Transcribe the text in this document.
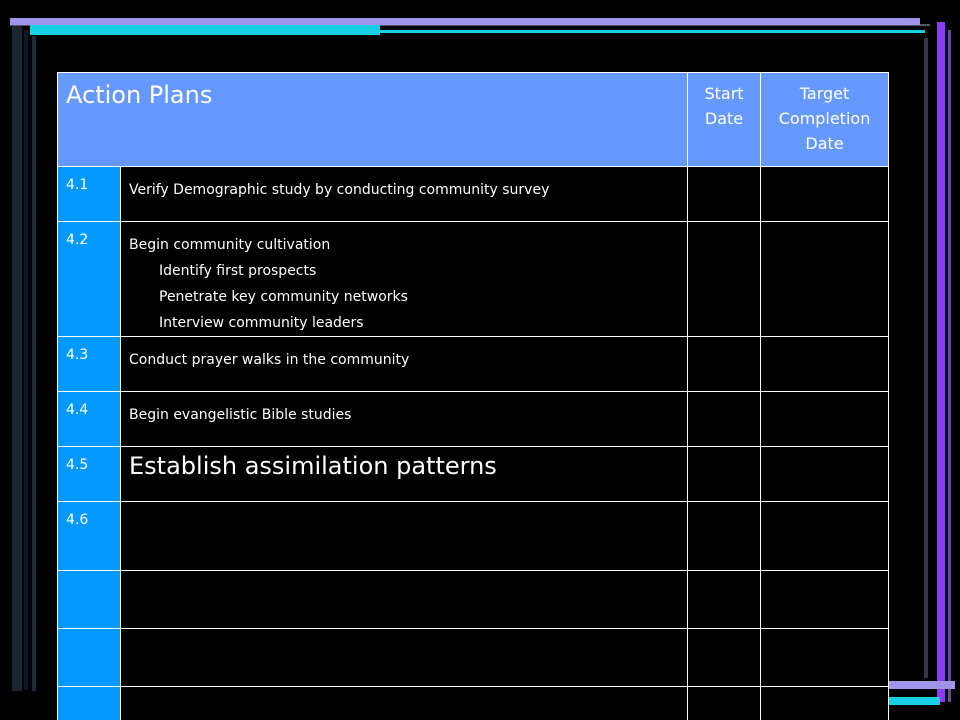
Action Plans		Start Date	Target Completion Date
4.1	Verify Demographic study by conducting community survey		

4.2	Begin community cultivation
Identify first prospects
Penetrate key community networks
Interview community leaders		

4.3	Conduct prayer walks in the community		

4.4	Begin evangelistic Bible studies		

4.5	Establish assimilation patterns		

4.6	
